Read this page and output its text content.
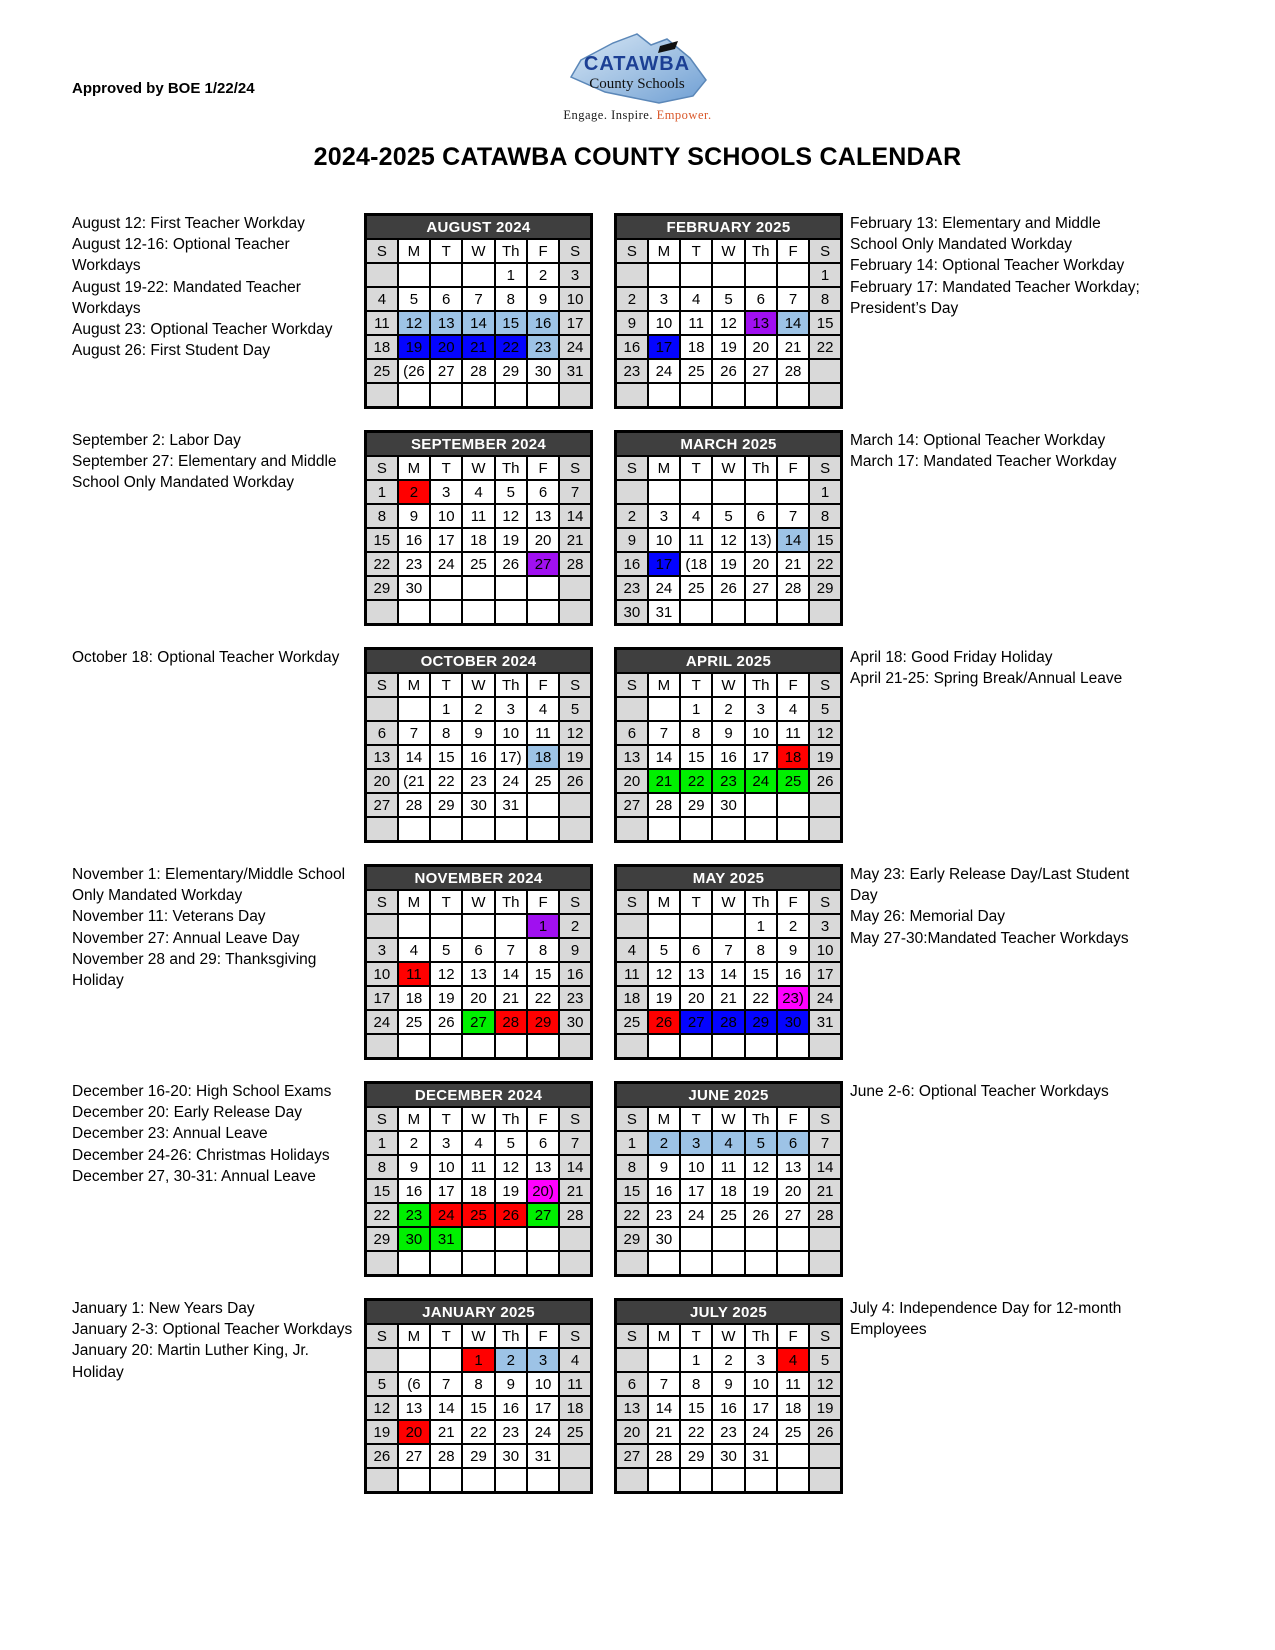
Approved by BOE 1/22/24
CATAWBA
County Schools
Engage. Inspire. Empower.
2024-2025 CATAWBA COUNTY SCHOOLS CALENDAR
August 12: First Teacher Workday
August 12-16: Optional Teacher Workdays
August 19-22: Mandated Teacher Workdays
August 23: Optional Teacher Workday
August 26: First Student Day
AUGUST 2024						
S	M	T	W	Th	F	S
				1	2	3
4	5	6	7	8	9	10
11	12	13	14	15	16	17
18	19	20	21	22	23	24
25	(26	27	28	29	30	31

FEBRUARY 2025						
S	M	T	W	Th	F	S
						1
2	3	4	5	6	7	8
9	10	11	12	13	14	15
16	17	18	19	20	21	22
23	24	25	26	27	28	

February 13: Elementary and Middle School Only Mandated Workday
February 14: Optional Teacher Workday
February 17: Mandated Teacher Workday; President’s Day
September 2: Labor Day
September 27: Elementary and Middle School Only Mandated Workday
SEPTEMBER 2024						
S	M	T	W	Th	F	S
1	2	3	4	5	6	7
8	9	10	11	12	13	14
15	16	17	18	19	20	21
22	23	24	25	26	27	28
29	30					

MARCH 2025						
S	M	T	W	Th	F	S
						1
2	3	4	5	6	7	8
9	10	11	12	13)	14	15
16	17	(18	19	20	21	22
23	24	25	26	27	28	29
30	31					
March 14: Optional Teacher Workday
March 17: Mandated Teacher Workday
October 18: Optional Teacher Workday	OCTOBER 2024						
S	M	T	W	Th	F	S
		1	2	3	4	5
6	7	8	9	10	11	12
13	14	15	16	17)	18	19
20	(21	22	23	24	25	26
27	28	29	30	31		

APRIL 2025						
S	M	T	W	Th	F	S
		1	2	3	4	5
6	7	8	9	10	11	12
13	14	15	16	17	18	19
20	21	22	23	24	25	26
27	28	29	30			

April 18: Good Friday Holiday
April 21-25: Spring Break/Annual Leave
November 1: Elementary/Middle School Only Mandated Workday
November 11: Veterans Day
November 27: Annual Leave Day
November 28 and 29: Thanksgiving Holiday
NOVEMBER 2024						
S	M	T	W	Th	F	S
					1	2
3	4	5	6	7	8	9
10	11	12	13	14	15	16
17	18	19	20	21	22	23
24	25	26	27	28	29	30

MAY 2025						
S	M	T	W	Th	F	S
				1	2	3
4	5	6	7	8	9	10
11	12	13	14	15	16	17
18	19	20	21	22	23)	24
25	26	27	28	29	30	31

May 23: Early Release Day/Last Student Day
May 26: Memorial Day
May 27-30:Mandated Teacher Workdays
December 16-20: High School Exams
December 20: Early Release Day
December 23: Annual Leave
December 24-26: Christmas Holidays
December 27, 30-31: Annual Leave
DECEMBER 2024						
S	M	T	W	Th	F	S
1	2	3	4	5	6	7
8	9	10	11	12	13	14
15	16	17	18	19	20)	21
22	23	24	25	26	27	28
29	30	31				

JUNE 2025						
S	M	T	W	Th	F	S
1	2	3	4	5	6	7
8	9	10	11	12	13	14
15	16	17	18	19	20	21
22	23	24	25	26	27	28
29	30					

June 2-6: Optional Teacher Workdays
January 1: New Years Day
January 2-3: Optional Teacher Workdays
January 20: Martin Luther King, Jr. Holiday
JANUARY 2025						
S	M	T	W	Th	F	S
			1	2	3	4
5	(6	7	8	9	10	11
12	13	14	15	16	17	18
19	20	21	22	23	24	25
26	27	28	29	30	31	

JULY 2025						
S	M	T	W	Th	F	S
		1	2	3	4	5
6	7	8	9	10	11	12
13	14	15	16	17	18	19
20	21	22	23	24	25	26
27	28	29	30	31		

July 4: Independence Day for 12-month Employees
